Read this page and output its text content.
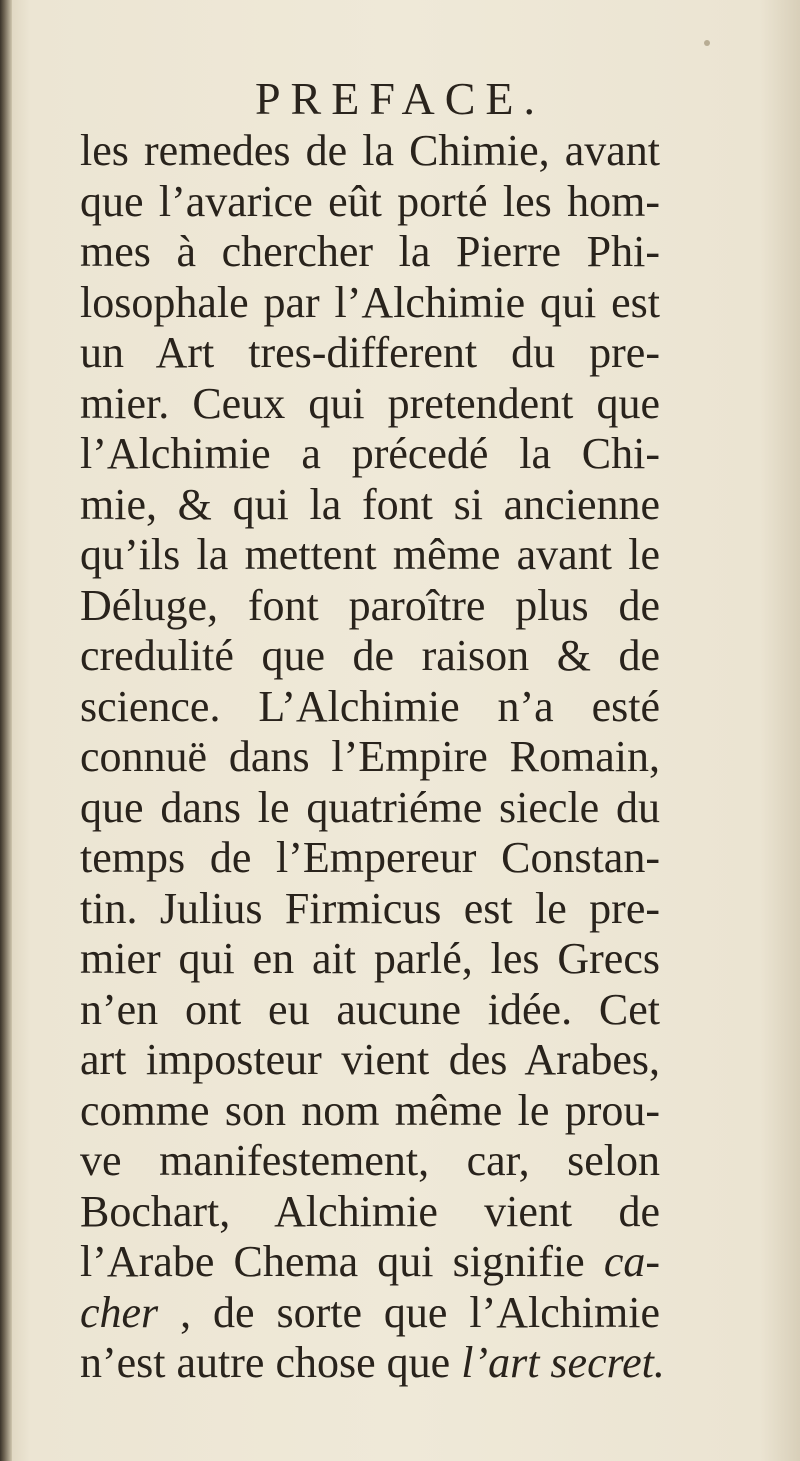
PREFACE.
les remedes de la Chimie, avant
que l’avarice eût porté les hom-
mes à chercher la Pierre Phi-
losophale par l’Alchimie qui est
un Art tres-different du pre-
mier. Ceux qui pretendent que
l’Alchimie a précedé la Chi-
mie, & qui la font si ancienne
qu’ils la mettent même avant le
Déluge, font paroître plus de
credulité que de raison & de
science. L’Alchimie n’a esté
connuë dans l’Empire Romain,
que dans le quatriéme siecle du
temps de l’Empereur Constan-
tin. Julius Firmicus est le pre-
mier qui en ait parlé, les Grecs
n’en ont eu aucune idée. Cet
art imposteur vient des Arabes,
comme son nom même le prou-
ve manifestement, car, selon
Bochart, Alchimie vient de
l’Arabe Chema qui signifie ca-
cher , de sorte que l’Alchimie
n’est autre chose que l’art secret.
